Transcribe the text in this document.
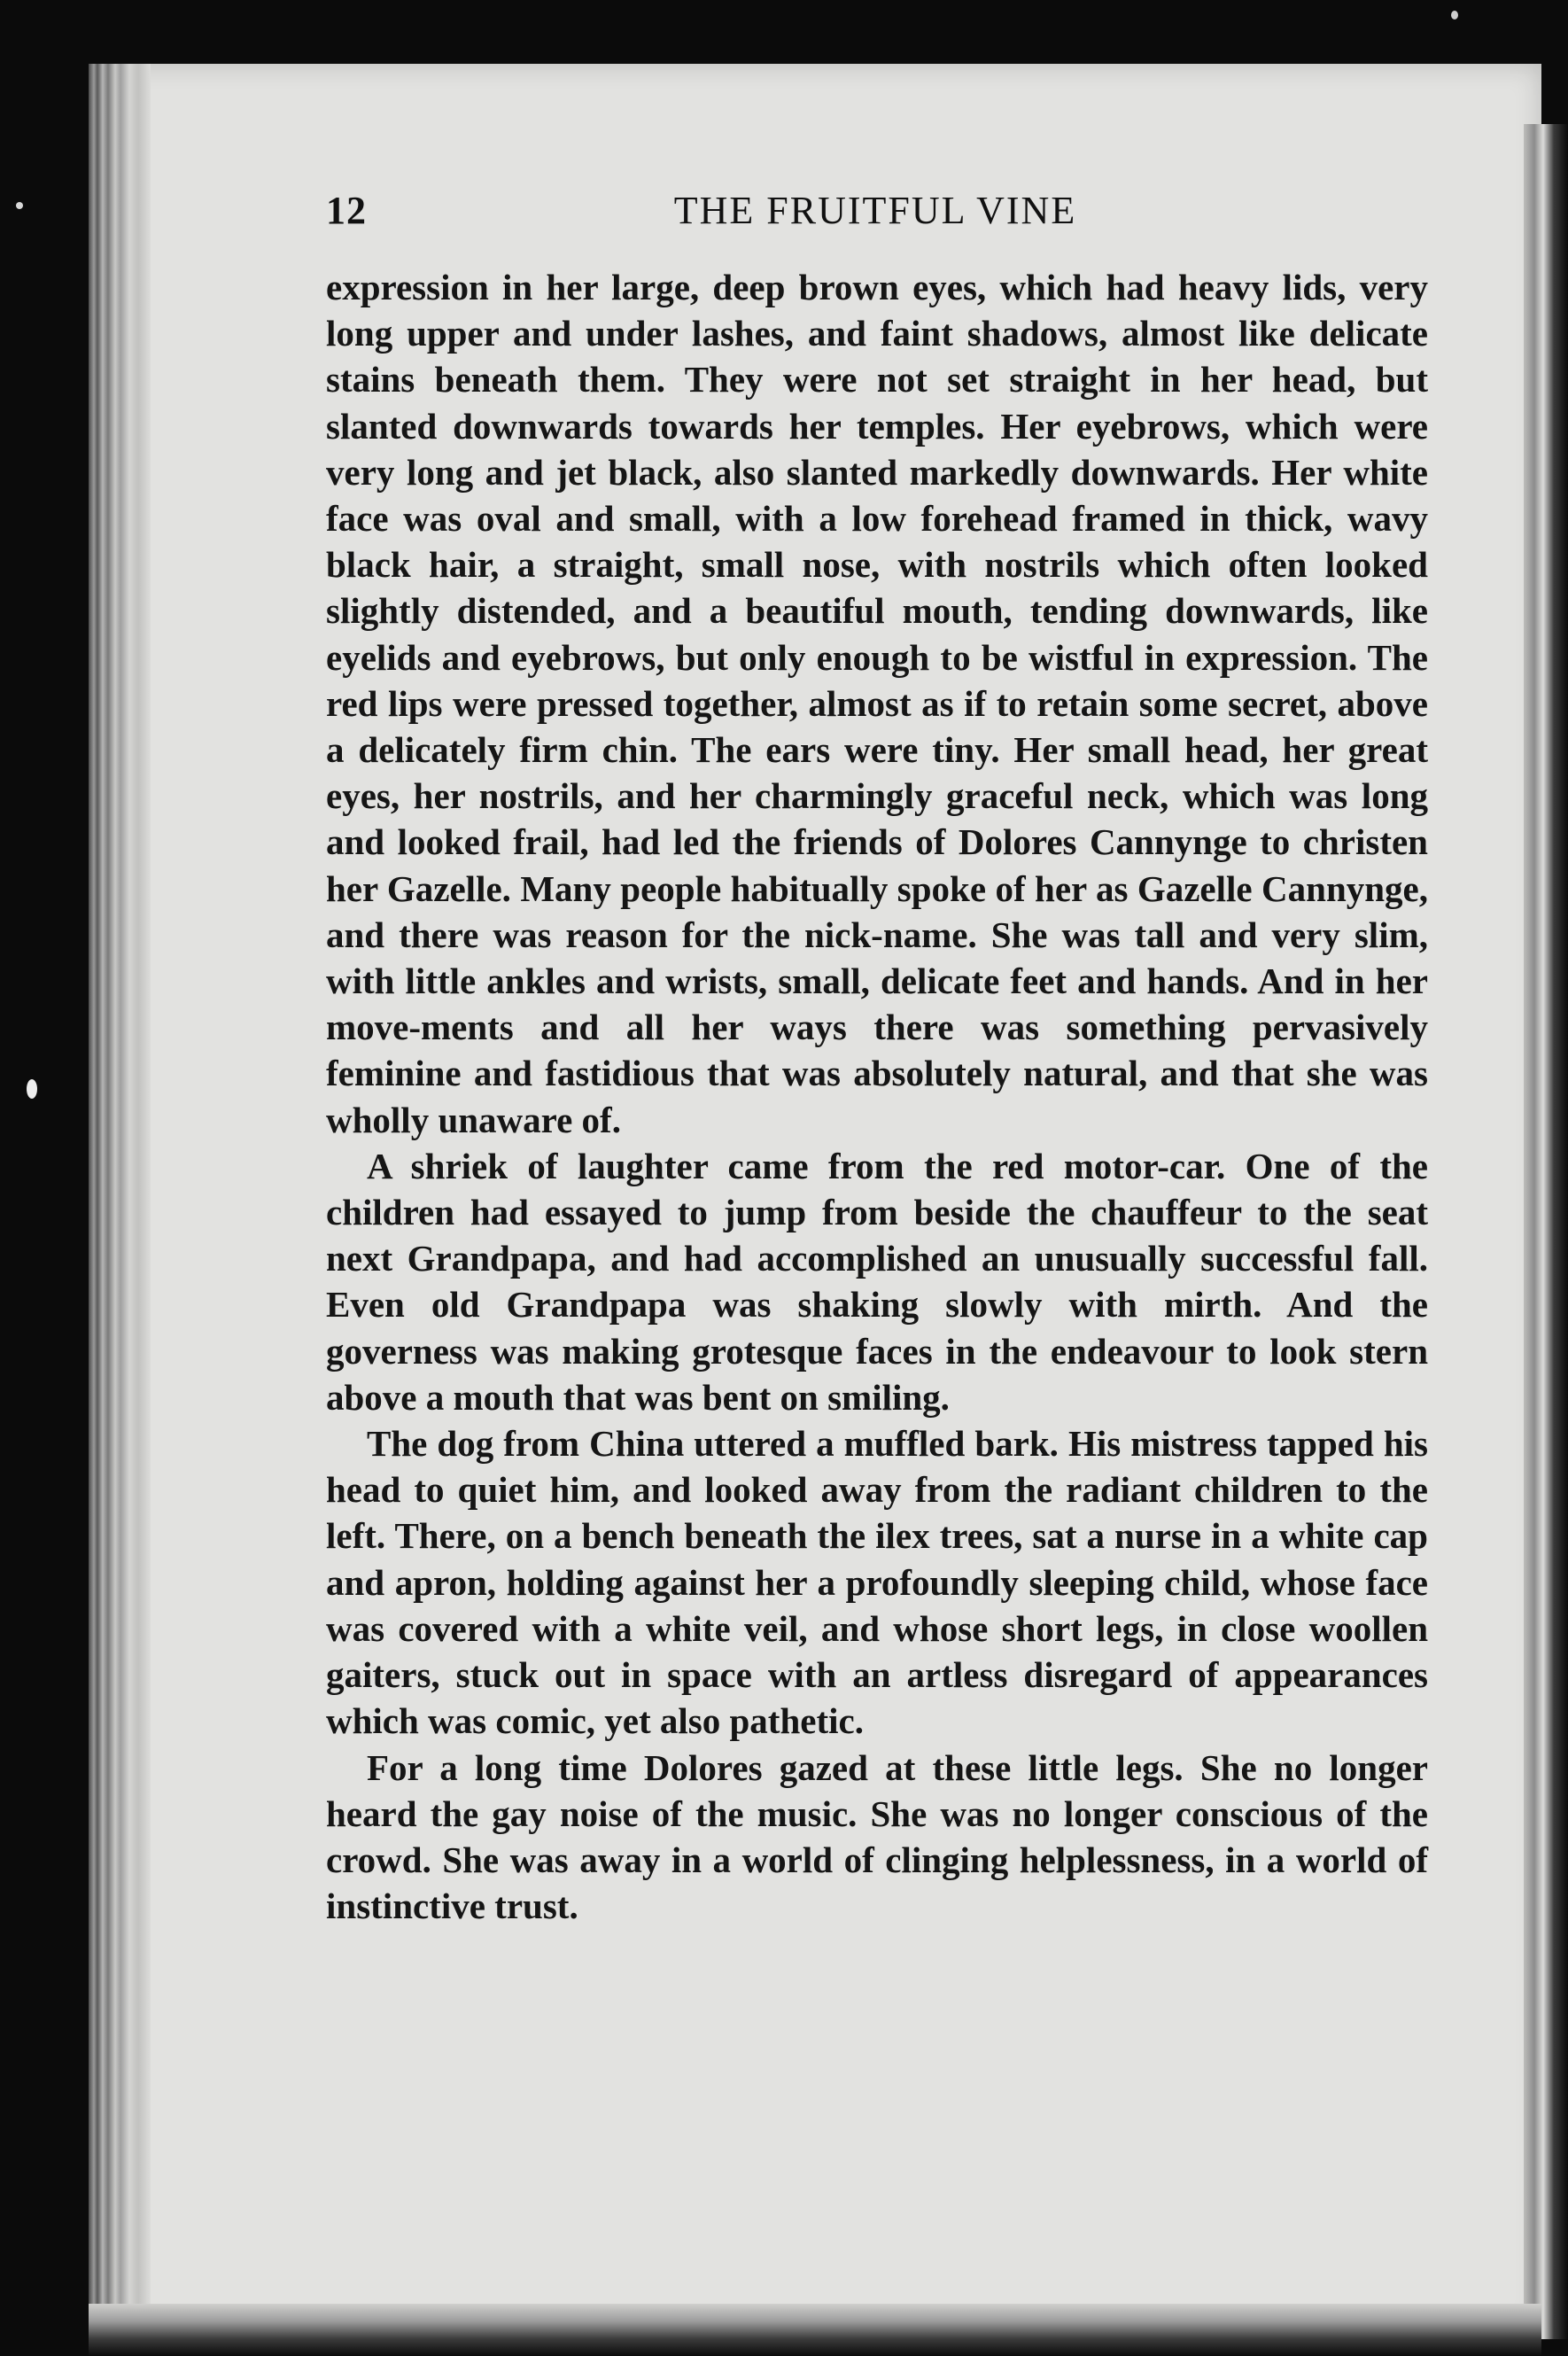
12	THE FRUITFUL VINE

expression in her large, deep brown eyes, which had heavy lids, very long upper and under lashes, and faint shadows, almost like delicate stains beneath them. They were not set straight in her head, but slanted downwards towards her temples. Her eyebrows, which were very long and jet black, also slanted markedly downwards. Her white face was oval and small, with a low forehead framed in thick, wavy black hair, a straight, small nose, with nostrils which often looked slightly distended, and a beautiful mouth, tending downwards, like eyelids and eyebrows, but only enough to be wistful in expression. The red lips were pressed together, almost as if to retain some secret, above a delicately firm chin. The ears were tiny. Her small head, her great eyes, her nostrils, and her charmingly graceful neck, which was long and looked frail, had led the friends of Dolores Cannynge to christen her Gazelle. Many people habitually spoke of her as Gazelle Cannynge, and there was reason for the nick-name. She was tall and very slim, with little ankles and wrists, small, delicate feet and hands. And in her move-ments and all her ways there was something pervasively feminine and fastidious that was absolutely natural, and that she was wholly unaware of.

A shriek of laughter came from the red motor-car. One of the children had essayed to jump from beside the chauffeur to the seat next Grandpapa, and had accomplished an unusually successful fall. Even old Grandpapa was shaking slowly with mirth. And the governess was making grotesque faces in the endeavour to look stern above a mouth that was bent on smiling.

The dog from China uttered a muffled bark. His mistress tapped his head to quiet him, and looked away from the radiant children to the left. There, on a bench beneath the ilex trees, sat a nurse in a white cap and apron, holding against her a profoundly sleeping child, whose face was covered with a white veil, and whose short legs, in close woollen gaiters, stuck out in space with an artless disregard of appearances which was comic, yet also pathetic.

For a long time Dolores gazed at these little legs. She no longer heard the gay noise of the music. She was no longer conscious of the crowd. She was away in a world of clinging helplessness, in a world of instinctive trust.
